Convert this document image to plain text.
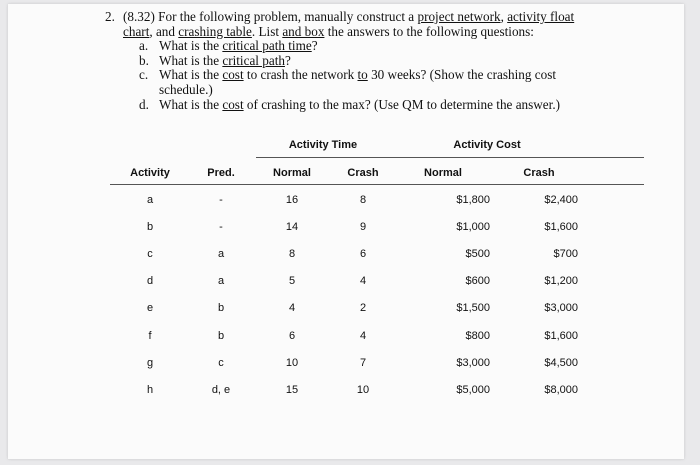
2. (8.32) For the following problem, manually construct a project network, activity float
chart, and crashing table. List and box the answers to the following questions:
a. What is the critical path time?
b. What is the critical path?
c. What is the cost to crash the network to 30 weeks? (Show the crashing cost
schedule.)
d. What is the cost of crashing to the max? (Use QM to determine the answer.)
Activity Time	Activity Cost
Activity	Pred.	Normal	Crash	Normal	Crash
a	-	16	8	$1,800	$2,400
b	-	14	9	$1,000	$1,600
c	a	8	6	$500	$700
d	a	5	4	$600	$1,200
e	b	4	2	$1,500	$3,000
f	b	6	4	$800	$1,600
g	c	10	7	$3,000	$4,500
h	d, e	15	10	$5,000	$8,000
